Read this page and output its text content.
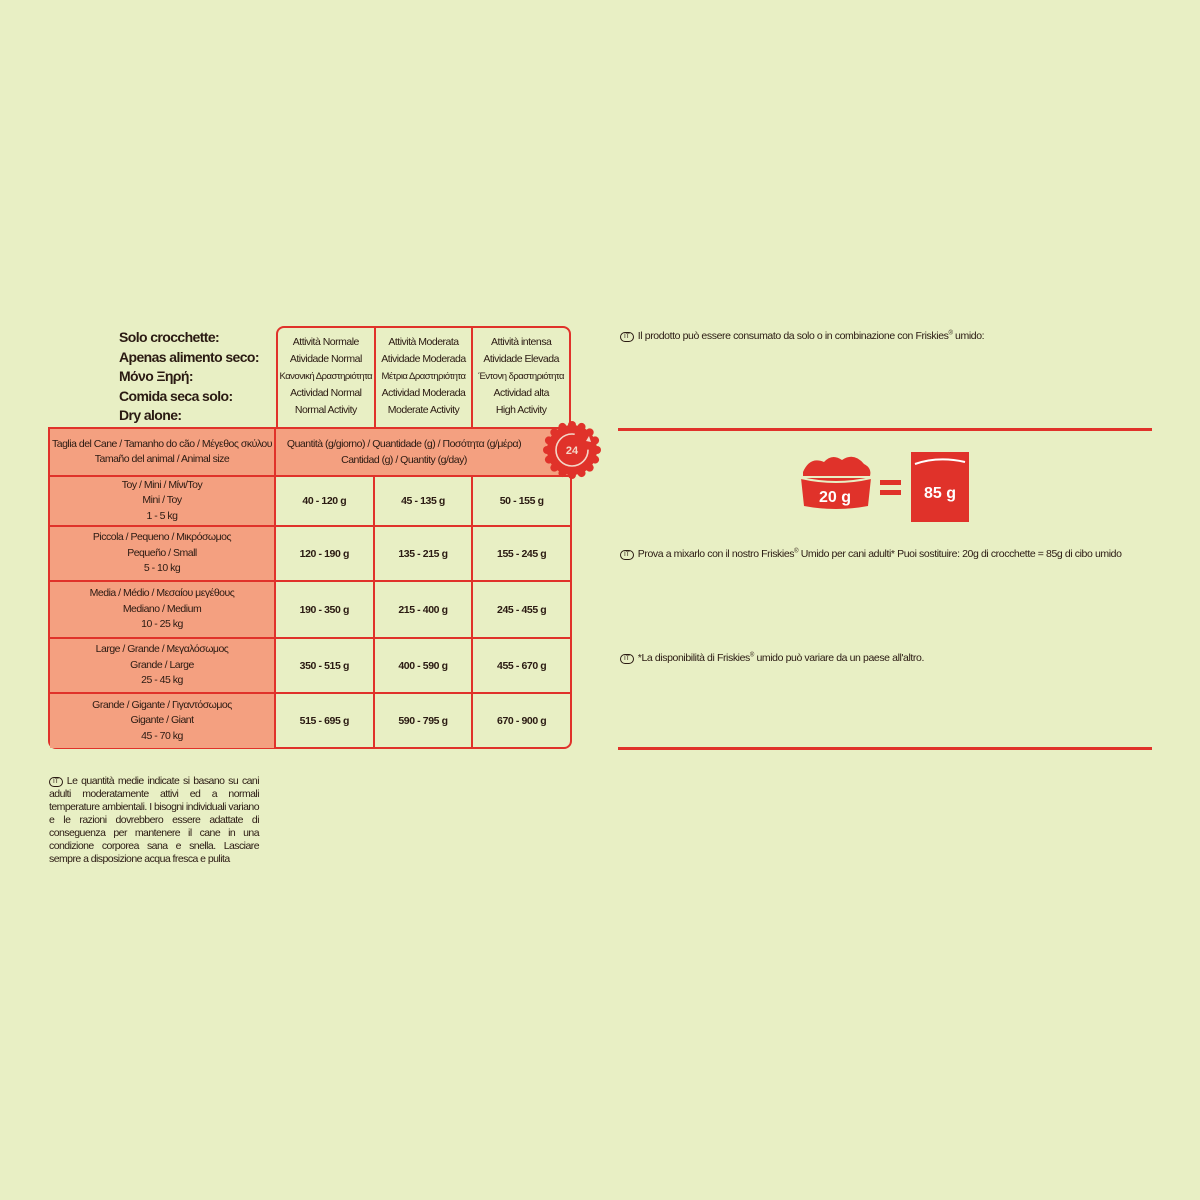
Solo crocchette:
Apenas alimento seco:
Μόνο Ξηρή:
Comida seca solo:
Dry alone:
Attività Normale
Atividade Normal
Κανονική Δραστηριότητα
Actividad Normal
Normal Activity
Attività Moderata
Atividade Moderada
Μέτρια Δραστηριότητα
Actividad Moderada
Moderate Activity
Attività intensa
Atividade Elevada
Έντονη δραστηριότητα
Actividad alta
High Activity
Taglia del Cane / Tamanho do cão / Μέγεθος σκύλου
Tamaño del animal / Animal size
Quantità (g/giorno) / Quantidade (g) / Ποσότητα (g/μέρα)
Cantidad (g) / Quantity (g/day)
Toy / Mini / Μίνι/Toy
Mini / Toy
1 - 5 kg
40 - 120 g	45 - 135 g	50 - 155 g
Piccola / Pequeno / Μικρόσωμος
Pequeño / Small
5 - 10 kg
120 - 190 g	135 - 215 g	155 - 245 g
Media / Médio / Μεσαίου μεγέθους
Mediano / Medium
10 - 25 kg
190 - 350 g	215 - 400 g	245 - 455 g
Large / Grande / Μεγαλόσωμος
Grande / Large
25 - 45 kg
350 - 515 g	400 - 590 g	455 - 670 g
Grande / Gigante / Γιγαντόσωμος
Gigante / Giant
45 - 70 kg
515 - 695 g	590 - 795 g	670 - 900 g
24
IT Le quantità medie indicate si basano su cani adulti moderatamente attivi ed a normali temperature ambientali. I bisogni individuali variano e le razioni dovrebbero essere adattate di conseguenza per mantenere il cane in una condizione corporea sana e snella. Lasciare sempre a disposizione acqua fresca e pulita
IT Il prodotto può essere consumato da solo o in combinazione con Friskies® umido:
20 g	85 g
IT Prova a mixarlo con il nostro Friskies® Umido per cani adulti* Puoi sostituire: 20g di crocchette = 85g di cibo umido
IT *La disponibilità di Friskies® umido può variare da un paese all'altro.
